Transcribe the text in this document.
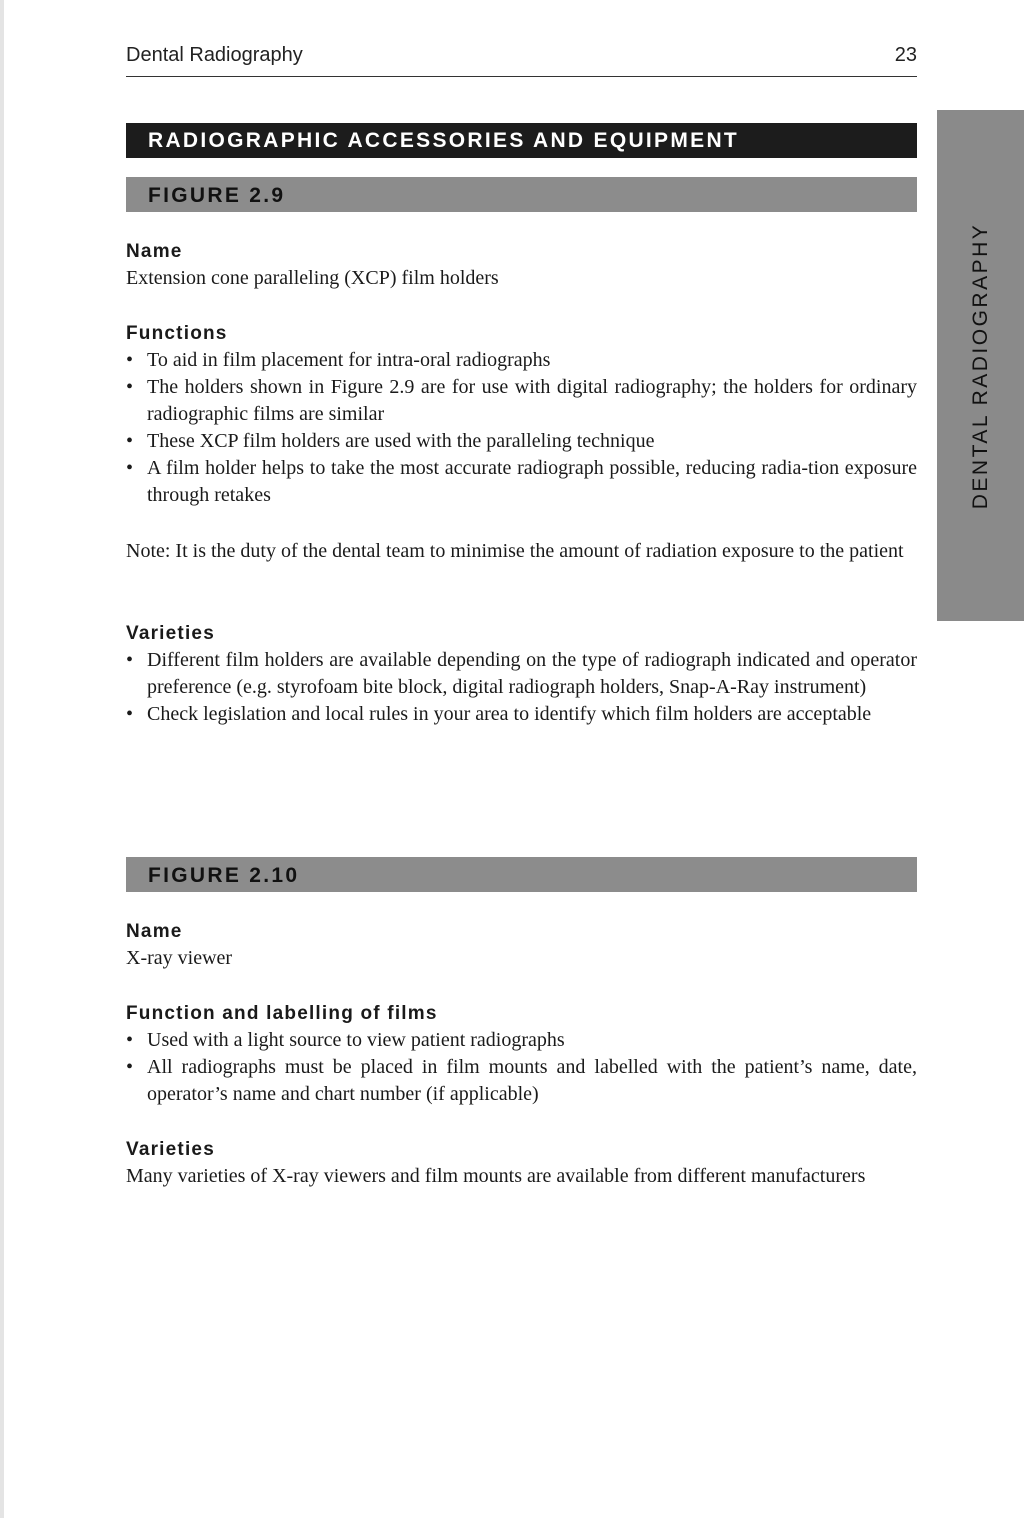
Dental Radiography	23
DENTAL RADIOGRAPHY
RADIOGRAPHIC ACCESSORIES AND EQUIPMENT
FIGURE 2.9
Name
Extension cone paralleling (XCP) film holders
Functions
• To aid in film placement for intra-oral radiographs
• The holders shown in Figure 2.9 are for use with digital radiography; the holders for ordinary radiographic films are similar
• These XCP film holders are used with the paralleling technique
• A film holder helps to take the most accurate radiograph possible, reducing radia-tion exposure through retakes
Note: It is the duty of the dental team to minimise the amount of radiation exposure to the patient
Varieties
• Different film holders are available depending on the type of radiograph indicated and operator preference (e.g. styrofoam bite block, digital radiograph holders, Snap-A-Ray instrument)
• Check legislation and local rules in your area to identify which film holders are acceptable
FIGURE 2.10
Name
X-ray viewer
Function and labelling of films
• Used with a light source to view patient radiographs
• All radiographs must be placed in film mounts and labelled with the patient’s name, date, operator’s name and chart number (if applicable)
Varieties
Many varieties of X-ray viewers and film mounts are available from different manufacturers
